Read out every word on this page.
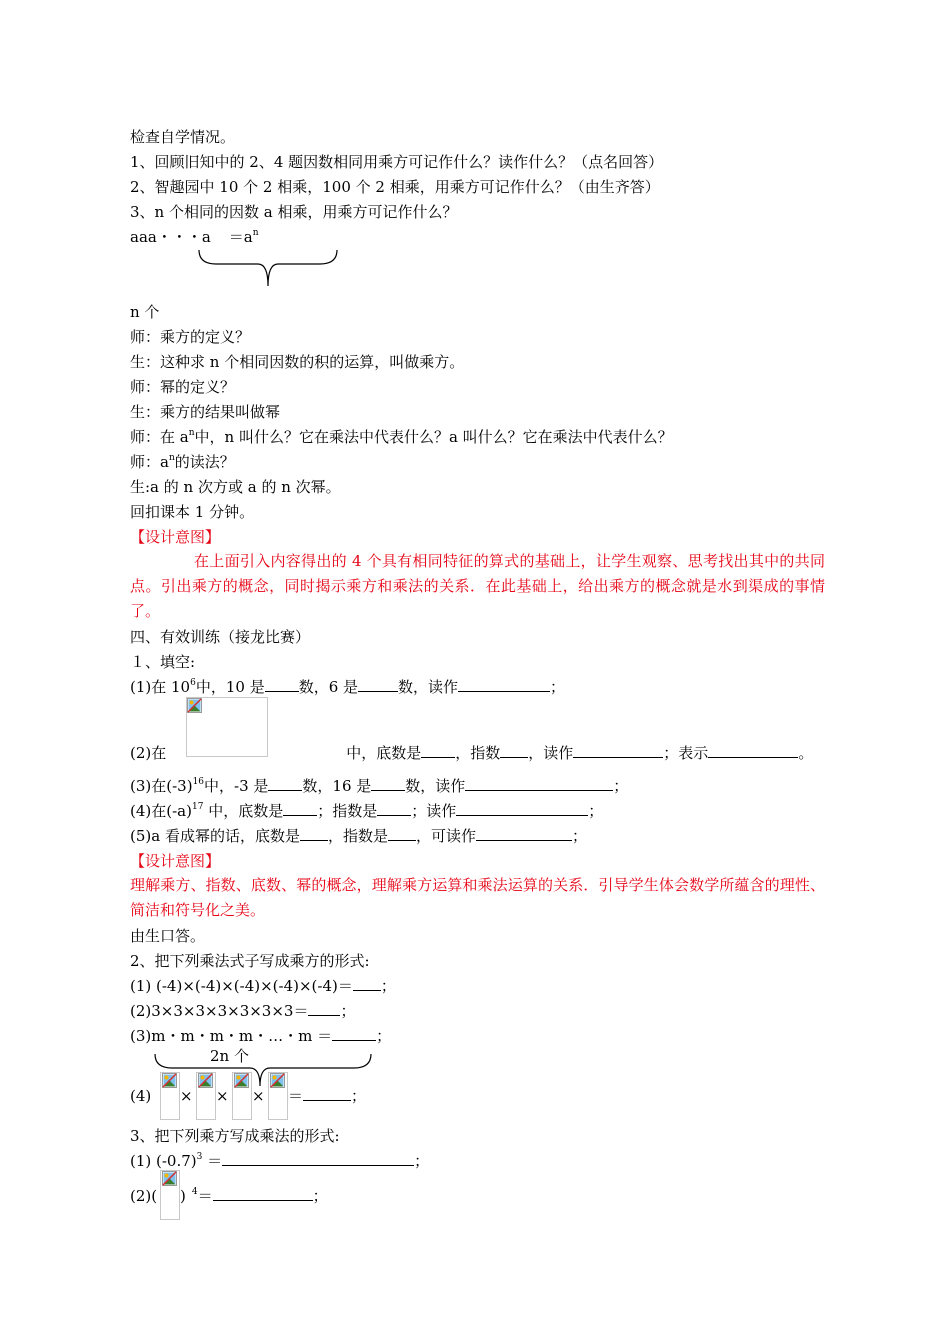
检查自学情况。
1、回顾旧知中的 2、4 题因数相同用乘方可记作什么？读作什么？（点名回答）
2、智趣园中 10 个 2 相乘，100 个 2 相乘，用乘方可记作什么？（由生齐答）
3、n 个相同的因数 a 相乘，用乘方可记作什么？
aaa・・・$a =a^n$
n 个
师：乘方的定义？
生：这种求 n 个相同因数的积的运算，叫做乘方。
师：幂的定义？
生：乘方的结果叫做幂
师：在 $a^n$中，n 叫什么？它在乘法中代表什么？a 叫什么？它在乘法中代表什么？
师：$a^n$的读法？
生:a 的 n 次方或 a 的 n 次幂。
回扣课本 1 分钟。
【设计意图】
在上面引入内容得出的 4 个具有相同特征的算式的基础上，让学生观察、思考找出其中的共同点。引出乘方的概念，同时揭示乘方和乘法的关系．在此基础上，给出乘方的概念就是水到渠成的事情了。
四、有效训练（接龙比赛）
１、填空:
(1)在 $10^6$中，10 是 数，6 是	数，读作	；
(2)在	中，底数是 ，指数 ，读作	；表示	。
(3)在$(-3)^{16}$中，-3 是 数，16 是 数，读作	；
(4)在$(-a)^{17}$ 中，底数是 ；指数是 ；读作	；
(5)a 看成幂的话，底数是 ，指数是 ，可读作	；
【设计意图】
理解乘方、指数、底数、幂的概念，理解乘方运算和乘法运算的关系．引导学生体会数学所蕴含的理性、简洁和符号化之美。
由生口答。
2、把下列乘法式子写成乘方的形式:
(1) (-4)×(-4)×(-4)×(-4)×(-4)＝ ；
(2)3×3×3×3×3×3×3＝ ；
(3)m・m・m・m・…・m ＝	；
2n 个
(4) × × × ＝	；
3、把下列乘方写成乘法的形式:
(1) $(-0.7)^3$ ＝	；
(2)( ) $^4$＝	；
